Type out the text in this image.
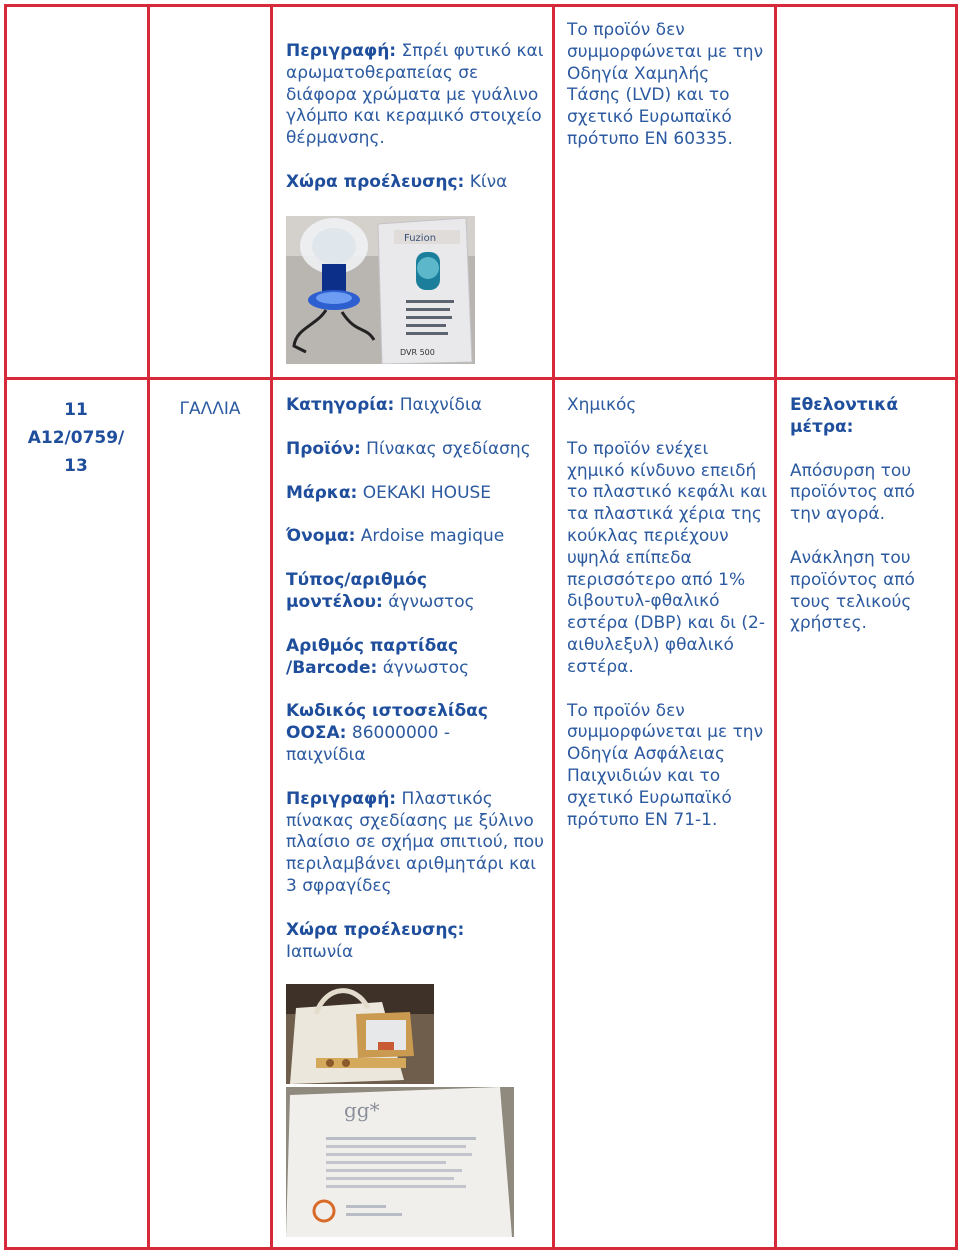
Περιγραφή: Σπρέι φυτικό και αρωματοθεραπείας σε διάφορα χρώματα με γυάλινο γλόμπο και κεραμικό στοιχείο θέρμανσης.
Χώρα προέλευσης: Κίνα
Το προϊόν δεν συμμορφώνεται με την Οδηγία Χαμηλής Τάσης (LVD) και το σχετικό Ευρωπαϊκό πρότυπο EN 60335.
DVR 500
Fuzion
11
A12/0759/
13
ΓΑΛΛΙΑ	Κατηγορία: Παιχνίδια
Προϊόν: Πίνακας σχεδίασης
Μάρκα: OEKAKI HOUSE
Όνομα: Ardoise magique
Τύπος/αριθμός
μοντέλου: άγνωστος
Αριθμός παρτίδας
/Barcode: άγνωστος
Κωδικός ιστοσελίδας
ΟΟΣΑ: 86000000 -
παιχνίδια
Περιγραφή: Πλαστικός πίνακας σχεδίασης με ξύλινο πλαίσιο σε σχήμα σπιτιού, που περιλαμβάνει αριθμητάρι και 3 σφραγίδες
Χώρα προέλευσης:
Ιαπωνία
gg*
Χημικός
Το προϊόν ενέχει χημικό κίνδυνο επειδή το πλαστικό κεφάλι και τα πλαστικά χέρια της κούκλας περιέχουν υψηλά επίπεδα περισσότερο από 1% διβουτυλ-φθαλικό εστέρα (DBP) και δι (2-αιθυλεξυλ) φθαλικό εστέρα.
Το προϊόν δεν συμμορφώνεται με την Οδηγία Ασφάλειας Παιχνιδιών και το σχετικό Ευρωπαϊκό πρότυπο EN 71-1.
Εθελοντικά
μέτρα:
Απόσυρση του προϊόντος από την αγορά.
Ανάκληση του προϊόντος από τους τελικούς χρήστες.
